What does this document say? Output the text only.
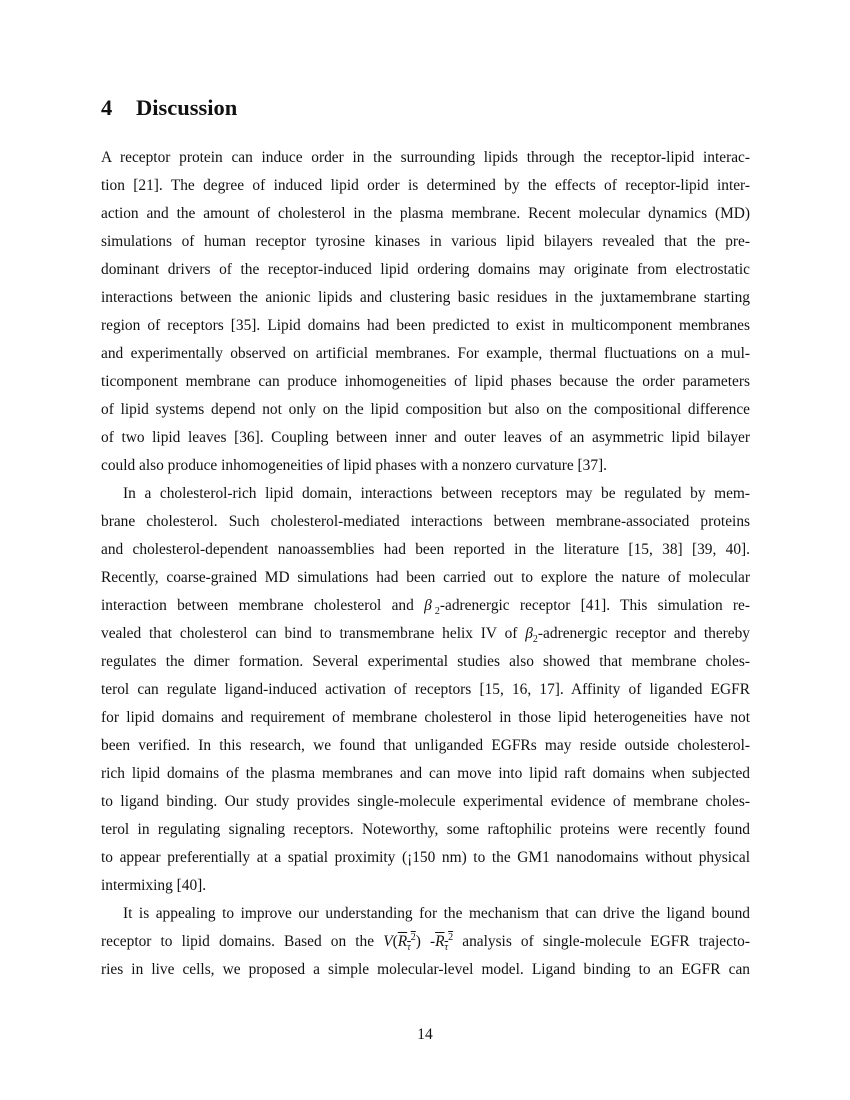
4 Discussion
A receptor protein can induce order in the surrounding lipids through the receptor-lipid interac-
tion [21]. The degree of induced lipid order is determined by the effects of receptor-lipid inter-
action and the amount of cholesterol in the plasma membrane. Recent molecular dynamics (MD)
simulations of human receptor tyrosine kinases in various lipid bilayers revealed that the pre-
dominant drivers of the receptor-induced lipid ordering domains may originate from electrostatic
interactions between the anionic lipids and clustering basic residues in the juxtamembrane starting
region of receptors [35]. Lipid domains had been predicted to exist in multicomponent membranes
and experimentally observed on artificial membranes. For example, thermal fluctuations on a mul-
ticomponent membrane can produce inhomogeneities of lipid phases because the order parameters
of lipid systems depend not only on the lipid composition but also on the compositional difference
of two lipid leaves [36]. Coupling between inner and outer leaves of an asymmetric lipid bilayer
could also produce inhomogeneities of lipid phases with a nonzero curvature [37].
In a cholesterol-rich lipid domain, interactions between receptors may be regulated by mem-
brane cholesterol. Such cholesterol-mediated interactions between membrane-associated proteins
and cholesterol-dependent nanoassemblies had been reported in the literature [15, 38] [39, 40].
Recently, coarse-grained MD simulations had been carried out to explore the nature of molecular
interaction between membrane cholesterol and β  $_2$-adrenergic receptor [41]. This simulation re-
vealed that cholesterol can bind to transmembrane helix IV of $\beta_2$-adrenergic receptor and thereby
regulates the dimer formation. Several experimental studies also showed that membrane choles-
terol can regulate ligand-induced activation of receptors [15, 16, 17]. Affinity of liganded EGFR
for lipid domains and requirement of membrane cholesterol in those lipid heterogeneities have not
been verified. In this research, we found that unliganded EGFRs may reside outside cholesterol-
rich lipid domains of the plasma membranes and can move into lipid raft domains when subjected
to ligand binding. Our study provides single-molecule experimental evidence of membrane choles-
terol in regulating signaling receptors. Noteworthy, some raftophilic proteins were recently found
to appear preferentially at a spatial proximity (¡150 nm) to the GM1 nanodomains without physical
intermixing [40].
It is appealing to improve our understanding for the mechanism that can drive the ligand bound
receptor to lipid domains. Based on the $V(R_\tau^2)$ $-R_\tau^2$ analysis of single-molecule EGFR trajecto-
ries in live cells, we proposed a simple molecular-level model. Ligand binding to an EGFR can
14
